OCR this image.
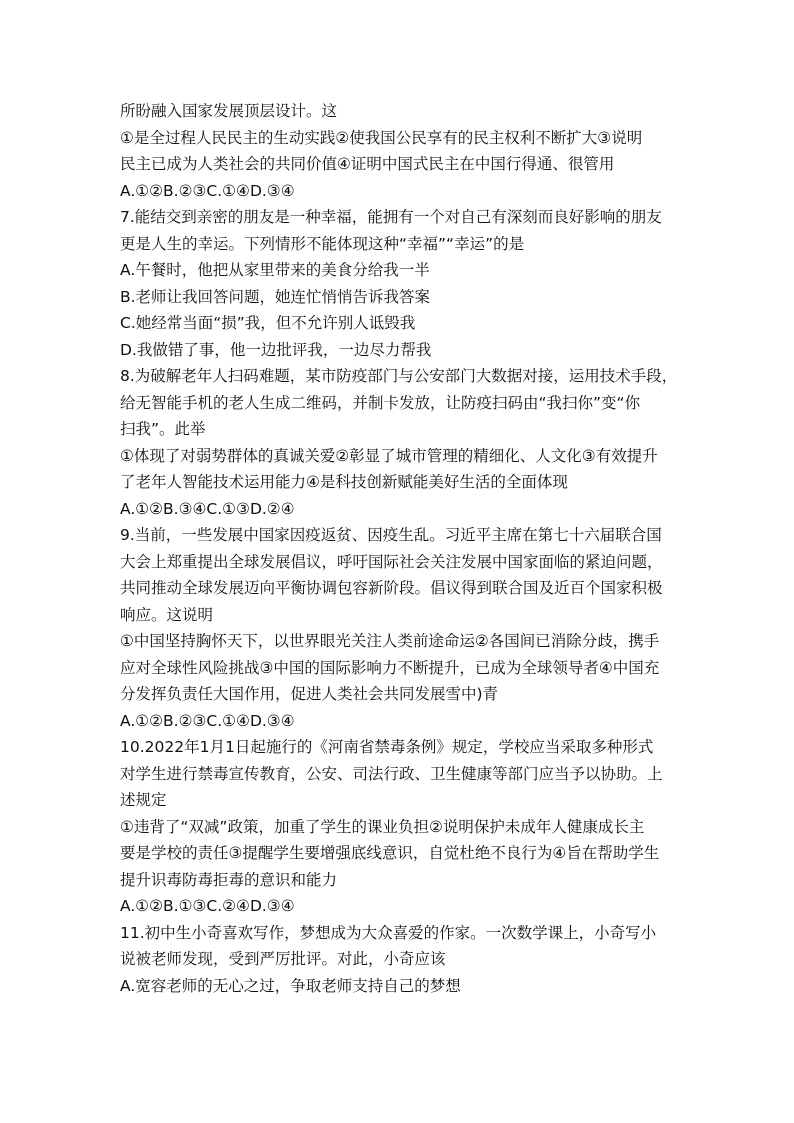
所盼融入国家发展顶层设计。这
①是全过程人民民主的生动实践②使我国公民享有的民主权利不断扩大③说明
民主已成为人类社会的共同价值④证明中国式民主在中国行得通、很管用
A.①②B.②③C.①④D.③④
7.能结交到亲密的朋友是一种幸福，能拥有一个对自己有深刻而良好影响的朋友
更是人生的幸运。下列情形不能体现这种“幸福”“幸运”的是
A.午餐时，他把从家里带来的美食分给我一半
B.老师让我回答问题，她连忙悄悄告诉我答案
C.她经常当面“损”我，但不允许别人诋毁我
D.我做错了事，他一边批评我，一边尽力帮我
8.为破解老年人扫码难题，某市防疫部门与公安部门大数据对接，运用技术手段，
给无智能手机的老人生成二维码，并制卡发放，让防疫扫码由“我扫你”变“你
扫我”。此举
①体现了对弱势群体的真诚关爱②彰显了城市管理的精细化、人文化③有效提升
了老年人智能技术运用能力④是科技创新赋能美好生活的全面体现
A.①②B.③④C.①③D.②④
9.当前，一些发展中国家因疫返贫、因疫生乱。习近平主席在第七十六届联合国
大会上郑重提出全球发展倡议，呼吁国际社会关注发展中国家面临的紧迫问题，
共同推动全球发展迈向平衡协调包容新阶段。倡议得到联合国及近百个国家积极
响应。这说明
①中国坚持胸怀天下，以世界眼光关注人类前途命运②各国间已消除分歧，携手
应对全球性风险挑战③中国的国际影响力不断提升，已成为全球领导者④中国充
分发挥负责任大国作用，促进人类社会共同发展雪中)青
A.①②B.②③C.①④D.③④
10.2022年1月1日起施行的《河南省禁毒条例》规定，学校应当采取多种形式
对学生进行禁毒宣传教育，公安、司法行政、卫生健康等部门应当予以协助。上
述规定
①违背了“双减”政策，加重了学生的课业负担②说明保护未成年人健康成长主
要是学校的责任③提醒学生要增强底线意识，自觉杜绝不良行为④旨在帮助学生
提升识毒防毒拒毒的意识和能力
A.①②B.①③C.②④D.③④
11.初中生小奇喜欢写作，梦想成为大众喜爱的作家。一次数学课上，小奇写小
说被老师发现，受到严厉批评。对此，小奇应该
A.宽容老师的无心之过，争取老师支持自己的梦想
